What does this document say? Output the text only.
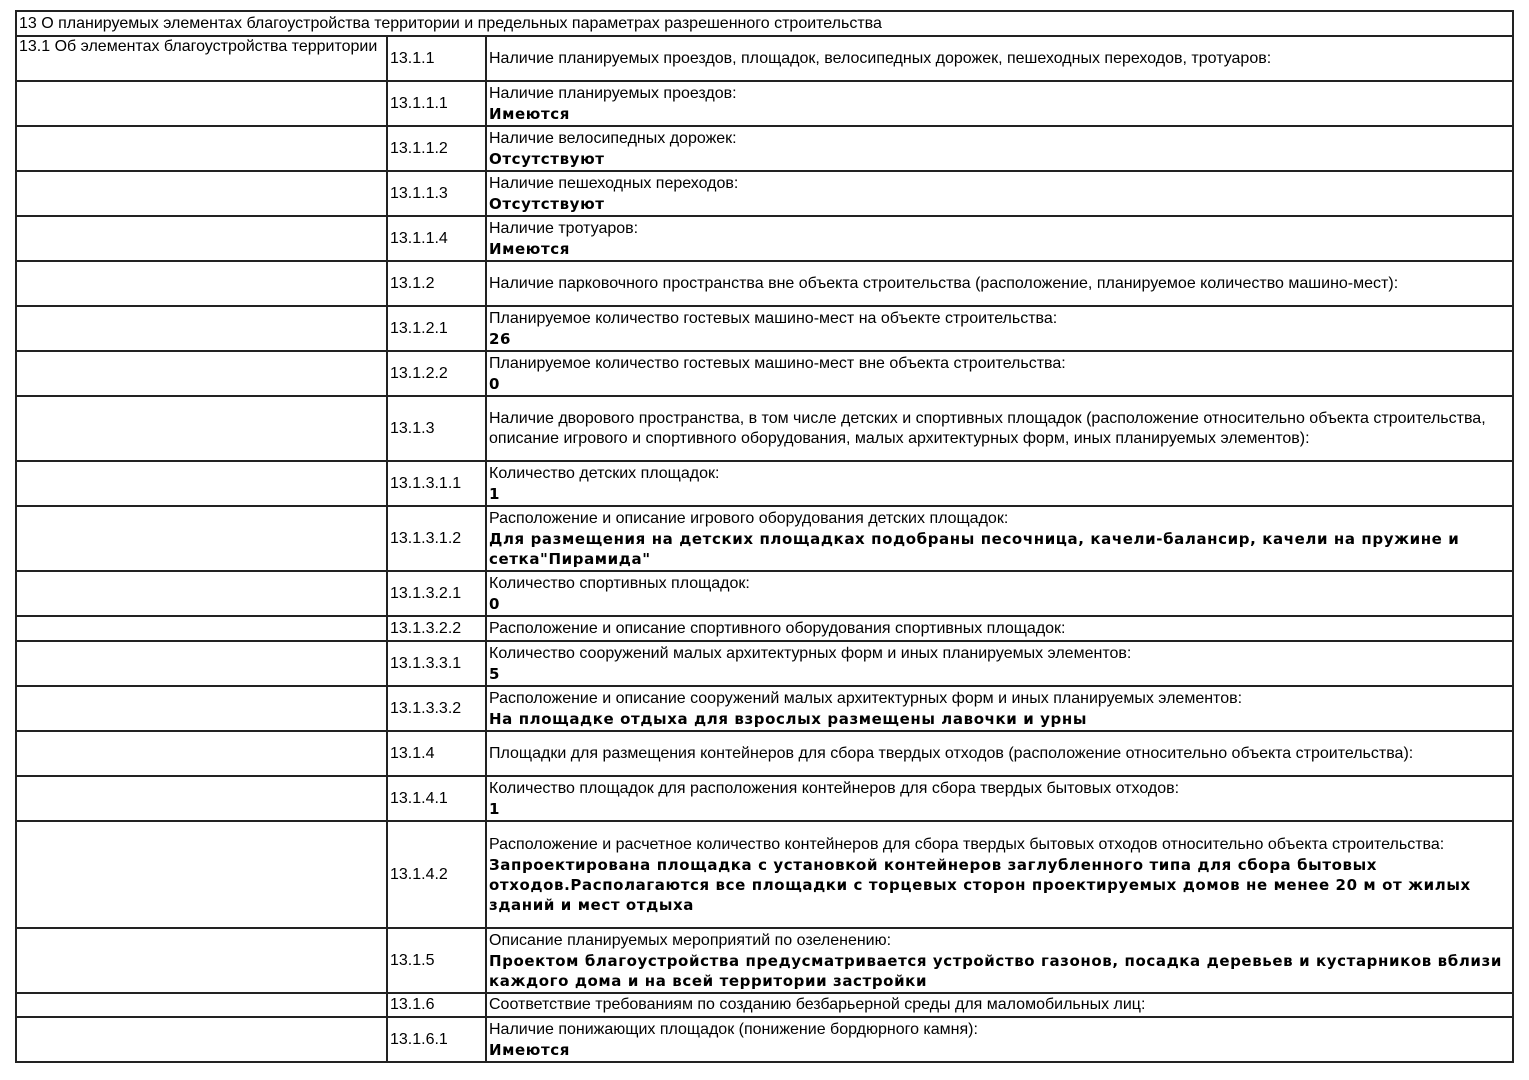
13 О планируемых элементах благоустройства территории и предельных параметрах разрешенного строительства		
13.1 Об элементах благоустройства территории	13.1.1	Наличие планируемых проездов, площадок, велосипедных дорожек, пешеходных переходов, тротуаров:

	13.1.1.1	Наличие планируемых проездов:
Имеются

	13.1.1.2	Наличие велосипедных дорожек:
Отсутствуют

	13.1.1.3	Наличие пешеходных переходов:
Отсутствуют

	13.1.1.4	Наличие тротуаров:
Имеются

	13.1.2	Наличие парковочного пространства вне объекта строительства (расположение, планируемое количество машино-мест):

	13.1.2.1	Планируемое количество гостевых машино-мест на объекте строительства:
26

	13.1.2.2	Планируемое количество гостевых машино-мест вне объекта строительства:
0

	13.1.3	Наличие дворового пространства, в том числе детских и спортивных площадок (расположение относительно объекта строительства, описание игрового и спортивного оборудования, малых архитектурных форм, иных планируемых элементов):

	13.1.3.1.1	Количество детских площадок:
1

	13.1.3.1.2	Расположение и описание игрового оборудования детских площадок:
Для размещения на детских площадках подобраны песочница, качели-балансир, качели на пружине и сетка"Пирамида"

	13.1.3.2.1	Количество спортивных площадок:
0

	13.1.3.2.2	Расположение и описание спортивного оборудования спортивных площадок:

	13.1.3.3.1	Количество сооружений малых архитектурных форм и иных планируемых элементов:
5

	13.1.3.3.2	Расположение и описание сооружений малых архитектурных форм и иных планируемых элементов:
На площадке отдыха для взрослых размещены лавочки и урны

	13.1.4	Площадки для размещения контейнеров для сбора твердых отходов (расположение относительно объекта строительства):

	13.1.4.1	Количество площадок для расположения контейнеров для сбора твердых бытовых отходов:
1

	13.1.4.2	Расположение и расчетное количество контейнеров для сбора твердых бытовых отходов относительно объекта строительства:
Запроектирована площадка с установкой контейнеров заглубленного типа для сбора бытовых отходов.Располагаются все площадки с торцевых сторон проектируемых домов не менее 20 м от жилых зданий и мест отдыха

	13.1.5	Описание планируемых мероприятий по озеленению:
Проектом благоустройства предусматривается устройство газонов, посадка деревьев и кустарников вблизи каждого дома и на всей территории застройки

	13.1.6	Соответствие требованиям по созданию безбарьерной среды для маломобильных лиц:

	13.1.6.1	Наличие понижающих площадок (понижение бордюрного камня):
Имеются
